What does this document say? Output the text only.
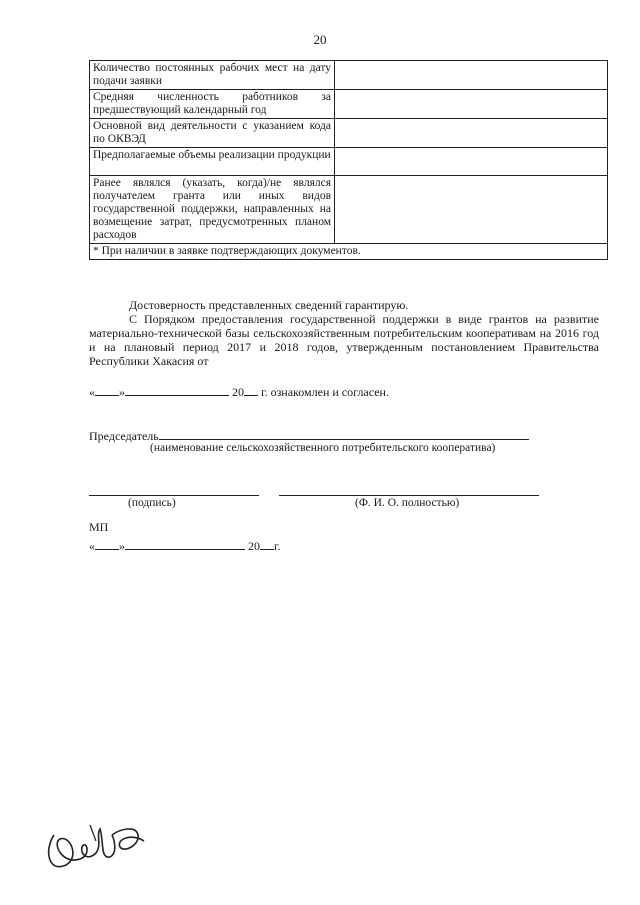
20
Количество постоянных рабочих мест на дату подачи заявки	
Средняя численность работников за предшествующий календарный год	
Основной вид деятельности с указанием кода по ОКВЭД	
Предполагаемые объемы реализации продукции	
Ранее являлся (указать, когда)/не являлся получателем гранта или иных видов государственной поддержки, направленных на возмещение затрат, предусмотренных планом расходов	
* При наличии в заявке подтверждающих документов.	
Достоверность представленных сведений гарантирую.
С Порядком предоставления государственной поддержки в виде грантов на развитие материально-технической базы сельскохозяйственным потребительским кооперативам на 2016 год и на плановый период 2017 и 2018 годов, утвержденным постановлением Правительства Республики Хакасия от
« »	20 г. ознакомлен и согласен.
Председатель
(наименование сельскохозяйственного потребительского кооператива)
(подпись)	(Ф. И. О. полностью)
МП
« »	20 г.
